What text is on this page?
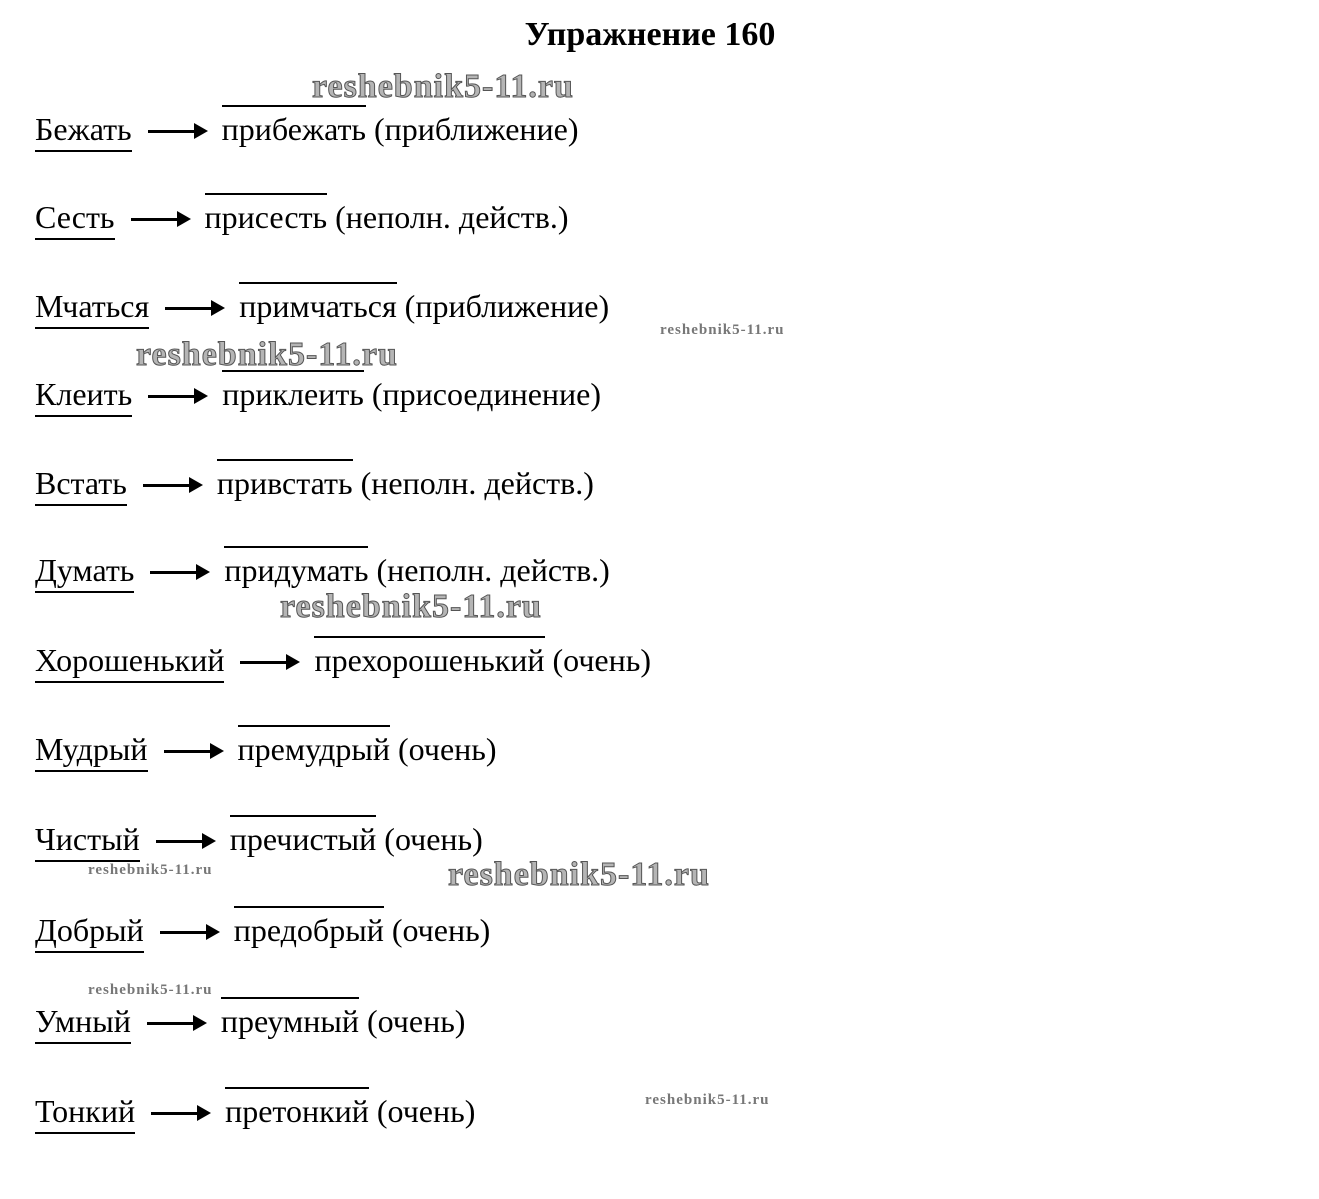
Упражнение 160
reshebnik5-11.ru
reshebnik5-11.ru
reshebnik5-11.ru
reshebnik5-11.ru
reshebnik5-11.ru	reshebnik5-11.ru
reshebnik5-11.ru
reshebnik5-11.ru
Бежать	прибежать (приближение)
Сесть	присесть (неполн. действ.)
Мчаться	примчаться (приближение)
Клеить	приклеить (присоединение)
Встать	привстать (неполн. действ.)
Думать	придумать (неполн. действ.)
Хорошенький	прехорошенький (очень)
Мудрый	премудрый (очень)
Чистый	пречистый (очень)
Добрый	предобрый (очень)
Умный	преумный (очень)
Тонкий	претонкий (очень)
